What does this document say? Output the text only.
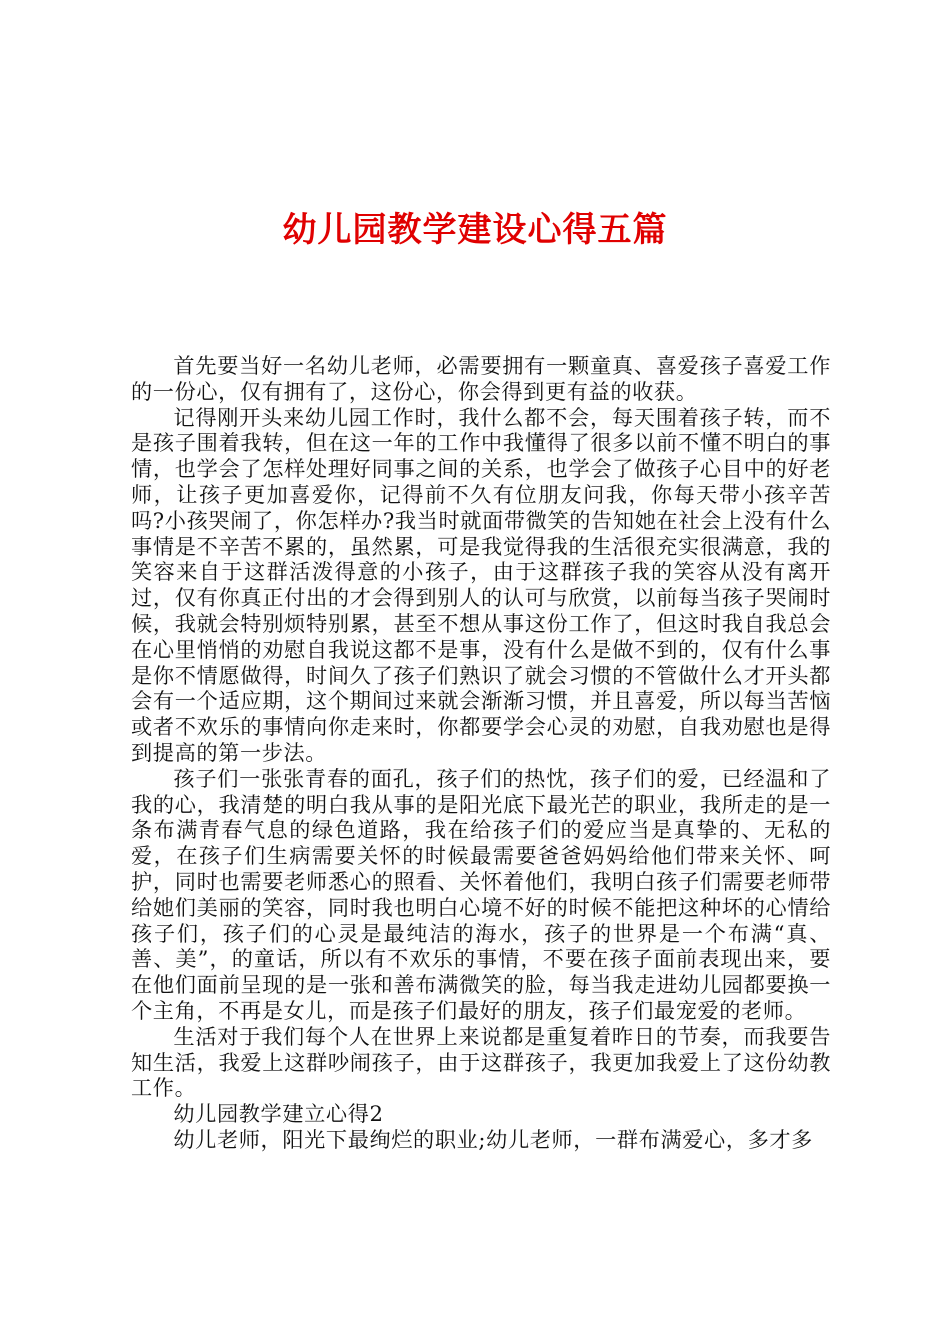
幼儿园教学建设心得五篇

首先要当好一名幼儿老师，必需要拥有一颗童真、喜爱孩子喜爱工作的一份心，仅有拥有了，这份心，你会得到更有益的收获。

记得刚开头来幼儿园工作时，我什么都不会，每天围着孩子转，而不是孩子围着我转，但在这一年的工作中我懂得了很多以前不懂不明白的事情，也学会了怎样处理好同事之间的关系，也学会了做孩子心目中的好老师，让孩子更加喜爱你，记得前不久有位朋友问我，你每天带小孩辛苦吗?小孩哭闹了，你怎样办?我当时就面带微笑的告知她在社会上没有什么事情是不辛苦不累的，虽然累，可是我觉得我的生活很充实很满意，我的笑容来自于这群活泼得意的小孩子，由于这群孩子我的笑容从没有离开过，仅有你真正付出的才会得到别人的认可与欣赏，以前每当孩子哭闹时候，我就会特别烦特别累，甚至不想从事这份工作了，但这时我自我总会在心里悄悄的劝慰自我说这都不是事，没有什么是做不到的，仅有什么事是你不情愿做得，时间久了孩子们熟识了就会习惯的不管做什么才开头都会有一个适应期，这个期间过来就会渐渐习惯，并且喜爱，所以每当苦恼或者不欢乐的事情向你走来时，你都要学会心灵的劝慰，自我劝慰也是得到提高的第一步法。

孩子们一张张青春的面孔，孩子们的热忱，孩子们的爱，已经温和了我的心，我清楚的明白我从事的是阳光底下最光芒的职业，我所走的是一条布满青春气息的绿色道路，我在给孩子们的爱应当是真挚的、无私的爱，在孩子们生病需要关怀的时候最需要爸爸妈妈给他们带来关怀、呵护，同时也需要老师悉心的照看、关怀着他们，我明白孩子们需要老师带给她们美丽的笑容，同时我也明白心境不好的时候不能把这种坏的心情给孩子们，孩子们的心灵是最纯洁的海水，孩子的世界是一个布满“真、善、美”，的童话，所以有不欢乐的事情，不要在孩子面前表现出来，要在他们面前呈现的是一张和善布满微笑的脸，每当我走进幼儿园都要换一个主角，不再是女儿，而是孩子们最好的朋友，孩子们最宠爱的老师。

生活对于我们每个人在世界上来说都是重复着昨日的节奏，而我要告知生活，我爱上这群吵闹孩子，由于这群孩子，我更加我爱上了这份幼教工作。

幼儿园教学建立心得2

幼儿老师，阳光下最绚烂的职业;幼儿老师，一群布满爱心，多才多
